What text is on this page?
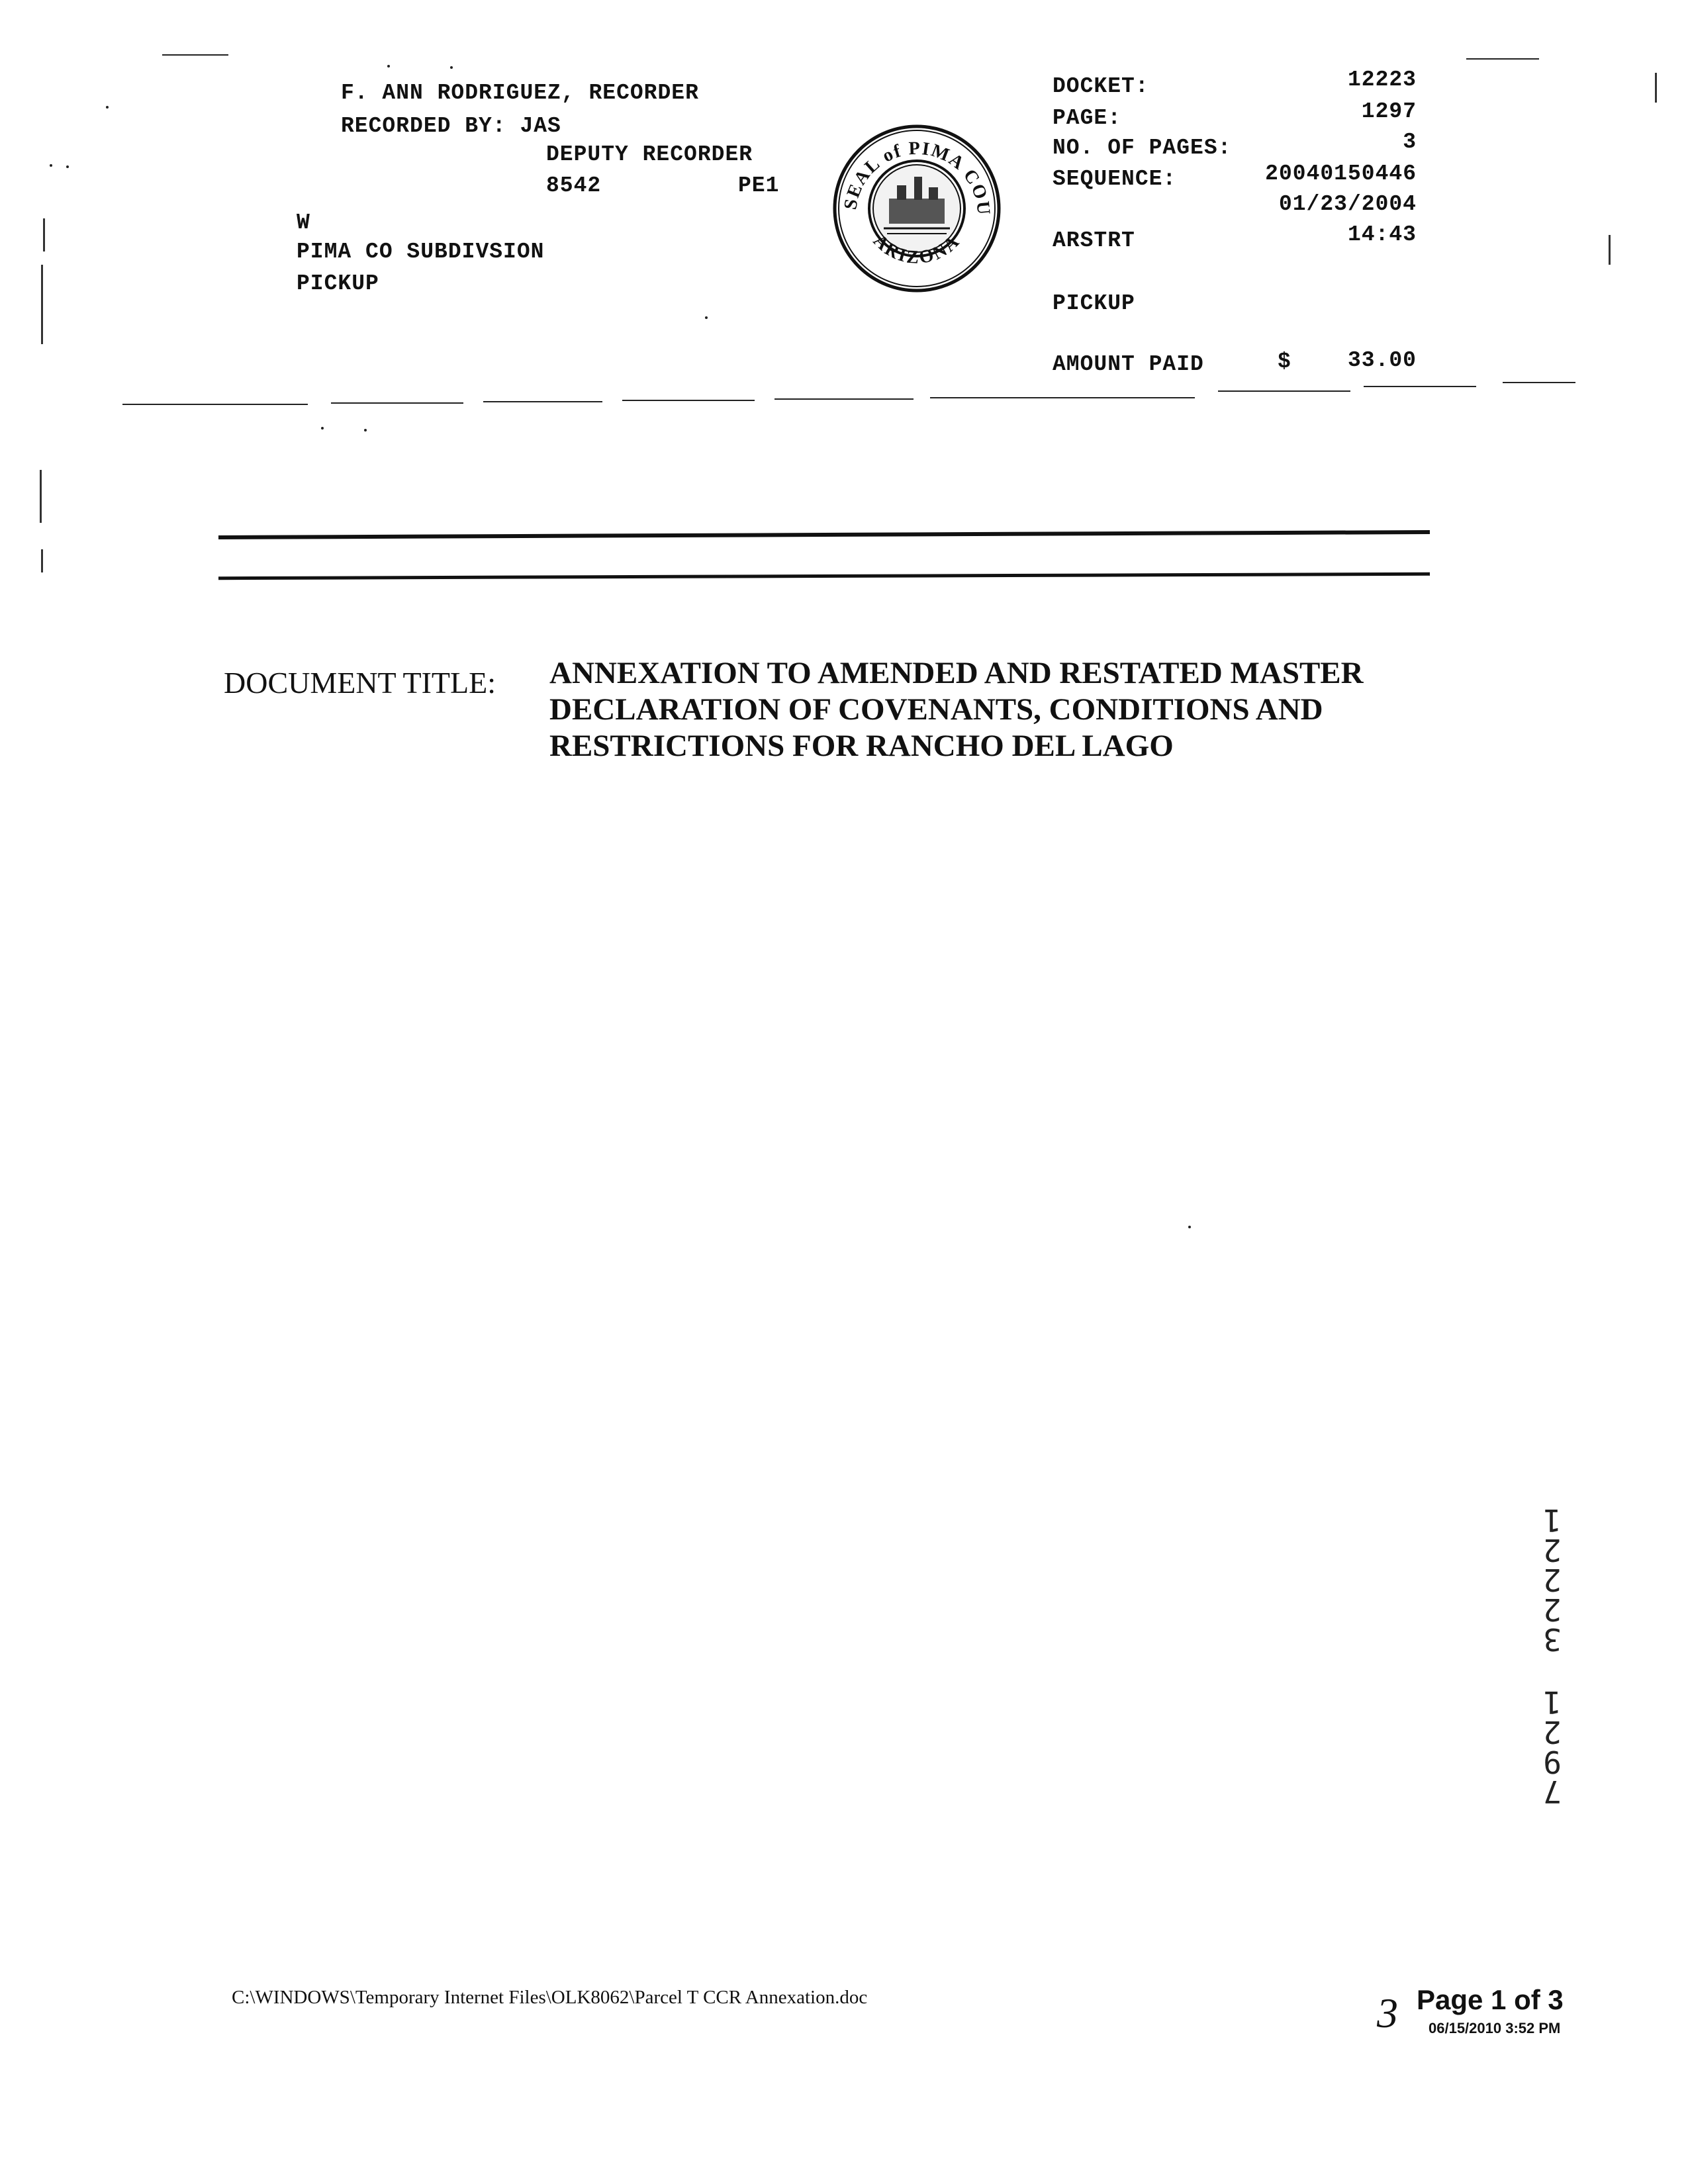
F. ANN RODRIGUEZ, RECORDER
RECORDED BY: JAS
DEPUTY RECORDER
8542	PE1
W
PIMA CO SUBDIVSION
PICKUP
SEAL of PIMA COU
ARIZONA
DOCKET:	12223
PAGE:	1297
NO. OF PAGES:	3
SEQUENCE:	20040150446
01/23/2004
ARSTRT	14:43
PICKUP
AMOUNT PAID	$	33.00
DOCUMENT TITLE: ANNEXATION TO AMENDED AND RESTATED MASTER
DECLARATION OF COVENANTS, CONDITIONS AND
RESTRICTIONS FOR RANCHO DEL LAGO
1
2
2
2
3
1
2
9
7
C:\WINDOWS\Temporary Internet Files\OLK8062\Parcel T CCR Annexation.doc	3 Page 1 of 3
06/15/2010 3:52 PM
